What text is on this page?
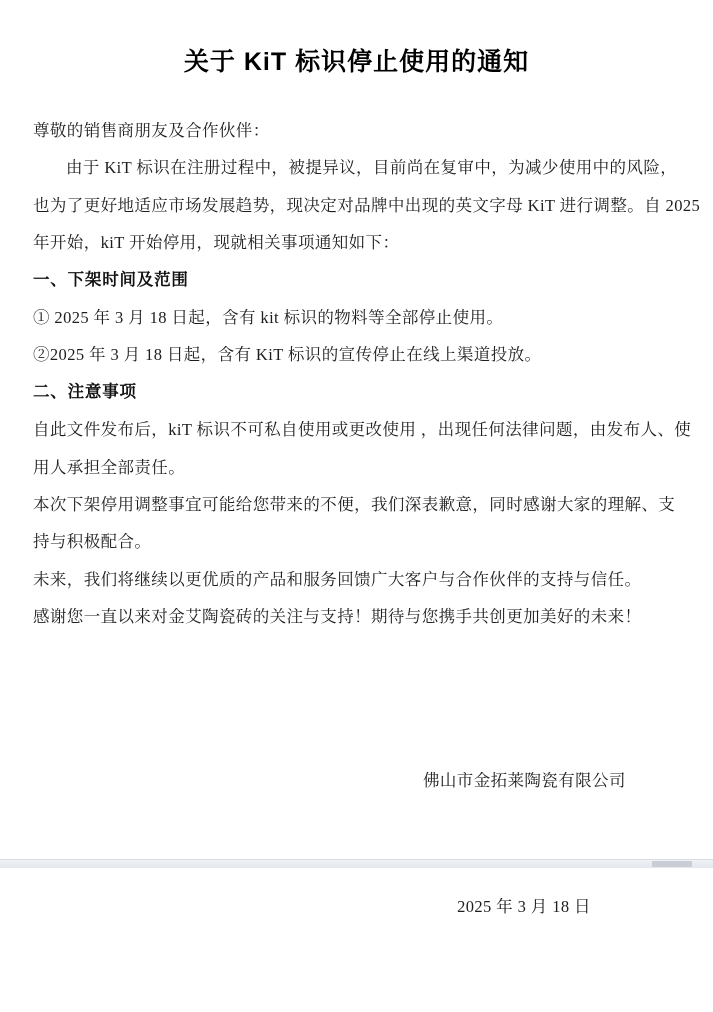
关于 KiT 标识停止使用的通知
尊敬的销售商朋友及合作伙伴：
由于 KiT 标识在注册过程中，被提异议，目前尚在复审中，为减少使用中的风险，
也为了更好地适应市场发展趋势，现决定对品牌中出现的英文字母 KiT 进行调整。自 2025
年开始，kiT 开始停用，现就相关事项通知如下：
一、下架时间及范围
① 2025 年 3 月 18 日起，含有 kit 标识的物料等全部停止使用。
②2025 年 3 月 18 日起，含有 KiT 标识的宣传停止在线上渠道投放。
二、注意事项
自此文件发布后，kiT 标识不可私自使用或更改使用 ，出现任何法律问题，由发布人、使
用人承担全部责任。
本次下架停用调整事宜可能给您带来的不便，我们深表歉意，同时感谢大家的理解、支
持与积极配合。
未来，我们将继续以更优质的产品和服务回馈广大客户与合作伙伴的支持与信任。
感谢您一直以来对金艾陶瓷砖的关注与支持！期待与您携手共创更加美好的未来！

佛山市金拓莱陶瓷有限公司

2025 年 3 月 18 日
